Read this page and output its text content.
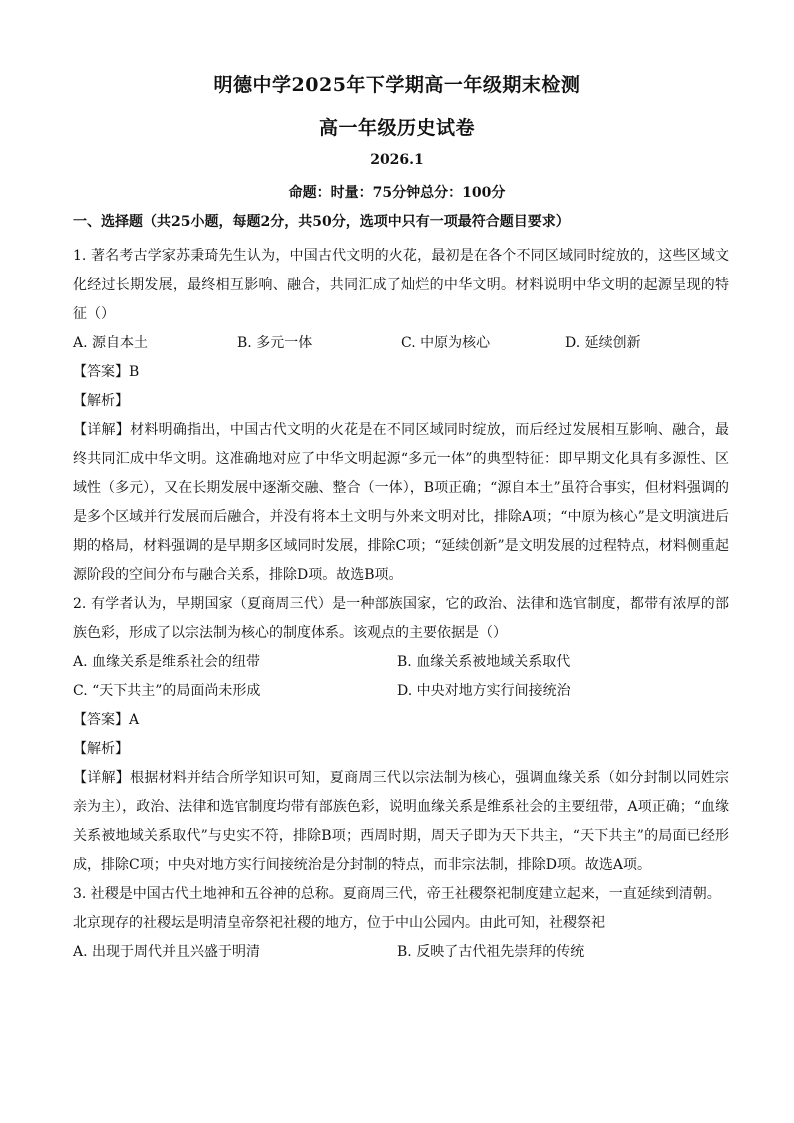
明德中学2025年下学期高一年级期末检测
高一年级历史试卷
2026.1
命题：时量：75分钟总分：100分
一、选择题（共25小题，每题2分，共50分，选项中只有一项最符合题目要求）

1. 著名考古学家苏秉琦先生认为，中国古代文明的火花，最初是在各个不同区域同时绽放的，这些区域文化经过长期发展，最终相互影响、融合，共同汇成了灿烂的中华文明。材料说明中华文明的起源呈现的特征（）

A. 源自本土	B. 多元一体	C. 中原为核心	D. 延续创新
【答案】B
【解析】

【详解】材料明确指出，中国古代文明的火花是在不同区域同时绽放，而后经过发展相互影响、融合，最终共同汇成中华文明。这准确地对应了中华文明起源“多元一体”的典型特征：即早期文化具有多源性、区域性（多元），又在长期发展中逐渐交融、整合（一体），B项正确；“源自本土”虽符合事实，但材料强调的是多个区域并行发展而后融合，并没有将本土文明与外来文明对比，排除A项；“中原为核心”是文明演进后期的格局，材料强调的是早期多区域同时发展，排除C项；“延续创新”是文明发展的过程特点，材料侧重起源阶段的空间分布与融合关系，排除D项。故选B项。

2. 有学者认为，早期国家（夏商周三代）是一种部族国家，它的政治、法律和选官制度，都带有浓厚的部族色彩，形成了以宗法制为核心的制度体系。该观点的主要依据是（）

A. 血缘关系是维系社会的纽带	B. 血缘关系被地域关系取代
C. “天下共主”的局面尚未形成	D. 中央对地方实行间接统治
【答案】A
【解析】

【详解】根据材料并结合所学知识可知，夏商周三代以宗法制为核心，强调血缘关系（如分封制以同姓宗亲为主），政治、法律和选官制度均带有部族色彩，说明血缘关系是维系社会的主要纽带，A项正确；“血缘关系被地域关系取代”与史实不符，排除B项；西周时期，周天子即为天下共主，“天下共主”的局面已经形成，排除C项；中央对地方实行间接统治是分封制的特点，而非宗法制，排除D项。故选A项。

3. 社稷是中国古代土地神和五谷神的总称。夏商周三代，帝王社稷祭祀制度建立起来，一直延续到清朝。
北京现存的社稷坛是明清皇帝祭祀社稷的地方，位于中山公园内。由此可知，社稷祭祀
A. 出现于周代并且兴盛于明清	B. 反映了古代祖先崇拜的传统
